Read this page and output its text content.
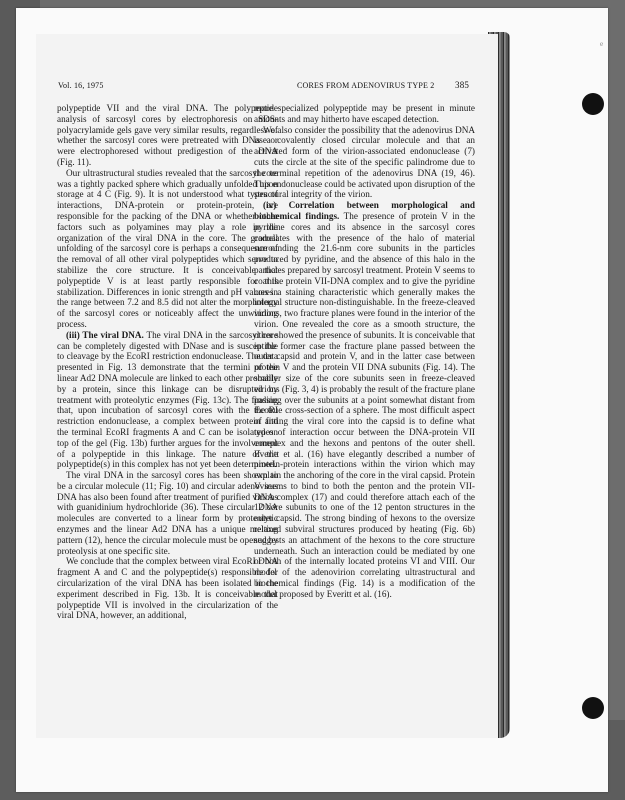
e
Vol. 16, 1975	CORES FROM ADENOVIRUS TYPE 2 385

polypeptide VII and the viral DNA. The polypeptide analysis of sarcosyl cores by electrophoresis on SDS-polyacrylamide gels gave very similar results, regardless of whether the sarcosyl cores were pretreated with DNase or were electrophoresed without predigestion of the DNA (Fig. 11).

Our ultrastructural studies revealed that the sarcosyl core was a tightly packed sphere which gradually unfolded upon storage at 4 C (Fig. 9). It is not understood what types of interactions, DNA-protein or protein-protein, are responsible for the packing of the DNA or whether other factors such as polyamines may play a role in the organization of the viral DNA in the core. The gradual unfolding of the sarcosyl core is perhaps a consequence of the removal of all other viral polypeptides which serve to stabilize the core structure. It is conceivable that polypeptide V is at least partly responsible for this stabilization. Differences in ionic strength and pH values in the range between 7.2 and 8.5 did not alter the morphology of the sarcosyl cores or noticeably affect the unwinding process.

(iii) The viral DNA. The viral DNA in the sarcosyl core can be completely digested with DNase and is susceptible to cleavage by the EcoRI restriction endonuclease. The data presented in Fig. 13 demonstrate that the termini of the linear Ad2 DNA molecule are linked to each other probably by a protein, since this linkage can be disrupted by treatment with proteolytic enzymes (Fig. 13c). The finding that, upon incubation of sarcosyl cores with the EcoRI restriction endonuclease, a complex between protein and the terminal EcoRI fragments A and C can be isolated on top of the gel (Fig. 13b) further argues for the involvement of a polypeptide in this linkage. The nature of the polypeptide(s) in this complex has not yet been determined.

The viral DNA in the sarcosyl cores has been shown to be a circular molecule (11; Fig. 10) and circular adenovirus DNA has also been found after treatment of purified virions with guanidinium hydrochloride (36). These circular DNA molecules are converted to a linear form by proteolytic enzymes and the linear Ad2 DNA has a unique melting pattern (12), hence the circular molecule must be opened by proteolysis at one specific site.

We conclude that the complex between viral EcoRI DNA fragment A and C and the polypeptide(s) responsible for circularization of the viral DNA has been isolated in the experiment described in Fig. 13b. It is conceivable that polypeptide VII is involved in the circularization of the viral DNA, however, an additional,

more specialized polypeptide may be present in minute amounts and may hitherto have escaped detection.

We also consider the possibility that the adenovirus DNA is a covalently closed circular molecule and that an activated form of the virion-associated endonuclease (7) cuts the circle at the site of the specific palindrome due to the terminal repetition of the adenovirus DNA (19, 46). This endonuclease could be activated upon disruption of the structural integrity of the virion.

(iv) Correlation between morphological and biochemical findings. The presence of protein V in the pyridine cores and its absence in the sarcosyl cores correlates with the presence of the halo of material surrounding the 21.6-nm core subunits in the particles produced by pyridine, and the absence of this halo in the particles prepared by sarcosyl treatment. Protein V seems to coat the protein VII-DNA complex and to give the pyridine cores a staining characteristic which generally makes the internal structure non-distinguishable. In the freeze-cleaved virions, two fracture planes were found in the interior of the virion. One revealed the core as a smooth structure, the other showed the presence of subunits. It is conceivable that in the former case the fracture plane passed between the outer capsid and protein V, and in the latter case between protein V and the protein VII DNA subunits (Fig. 14). The smaller size of the core subunits seen in freeze-cleaved virions (Fig. 3, 4) is probably the result of the fracture plane passing over the subunits at a point somewhat distant from the true cross-section of a sphere. The most difficult aspect of fitting the viral core into the capsid is to define what types of interaction occur between the DNA-protein VII complex and the hexons and pentons of the outer shell. Everitt et al. (16) have elegantly described a number of protein-protein interactions within the virion which may explain the anchoring of the core in the viral capsid. Protein V seems to bind to both the penton and the protein VII-DNA complex (17) and could therefore attach each of the 12 core subunits to one of the 12 penton structures in the outer capsid. The strong binding of hexons to the oversize relaxed subviral structures produced by heating (Fig. 6b) suggests an attachment of the hexons to the core structure underneath. Such an interaction could be mediated by one or both of the internally located proteins VI and VIII. Our model of the adenovirion correlating ultrastructural and biochemical findings (Fig. 14) is a modification of the model proposed by Everitt et al. (16).
